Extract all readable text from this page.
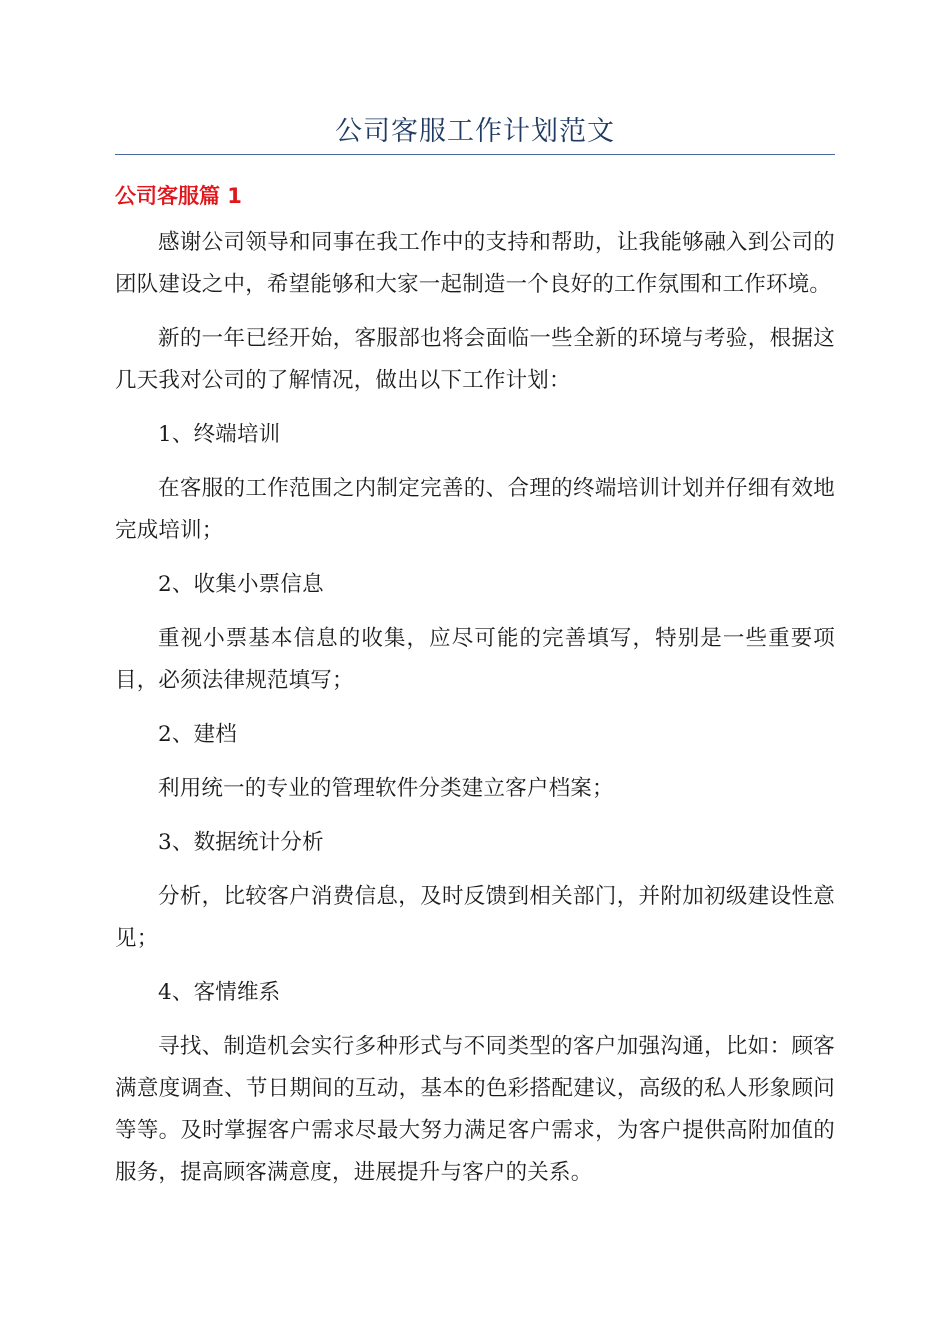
公司客服工作计划范文
公司客服篇 1

感谢公司领导和同事在我工作中的支持和帮助，让我能够融入到公司的团队建设之中，希望能够和大家一起制造一个良好的工作氛围和工作环境。

新的一年已经开始，客服部也将会面临一些全新的环境与考验，根据这几天我对公司的了解情况，做出以下工作计划：

1、终端培训

在客服的工作范围之内制定完善的、合理的终端培训计划并仔细有效地完成培训；

2、收集小票信息

重视小票基本信息的收集，应尽可能的完善填写，特别是一些重要项目，必须法律规范填写；

2、建档

利用统一的专业的管理软件分类建立客户档案；

3、数据统计分析

分析，比较客户消费信息，及时反馈到相关部门，并附加初级建设性意见；

4、客情维系

寻找、制造机会实行多种形式与不同类型的客户加强沟通，比如：顾客满意度调查、节日期间的互动，基本的色彩搭配建议，高级的私人形象顾问等等。及时掌握客户需求尽最大努力满足客户需求，为客户提供高附加值的服务，提高顾客满意度，进展提升与客户的关系。
